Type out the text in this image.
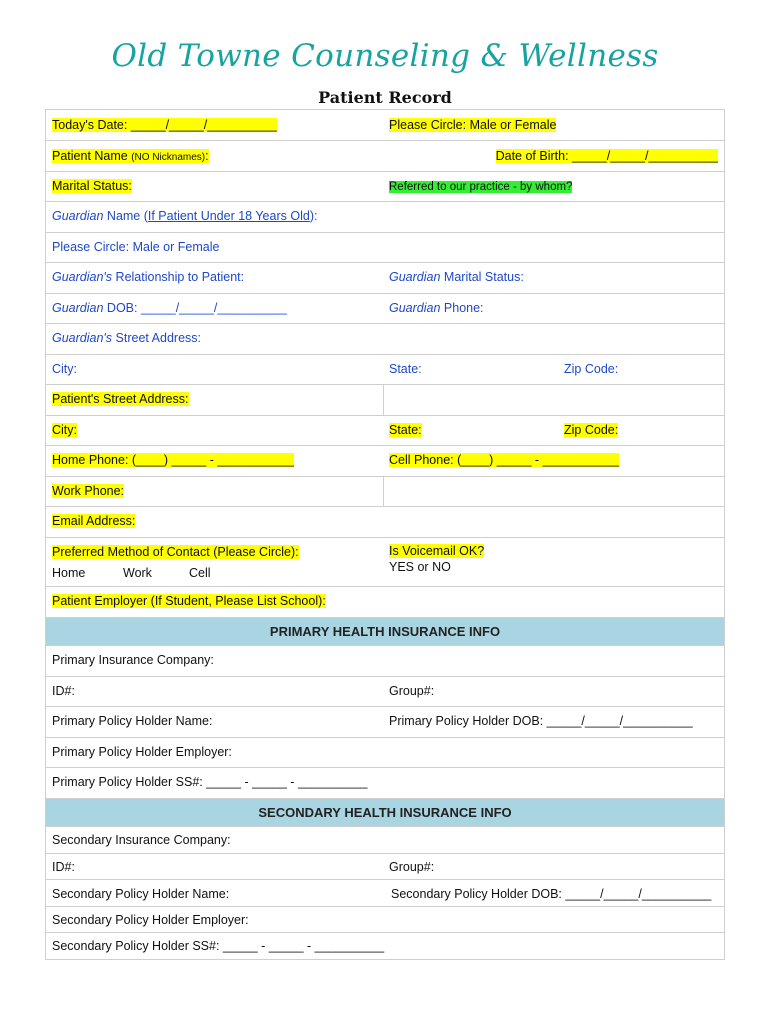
Old Towne Counseling & Wellness
Patient Record
Today's Date: _____/_____/__________	Please Circle: Male or Female
Patient Name (NO Nicknames):	Date of Birth: _____/_____/__________
Marital Status:	Referred to our practice - by whom?
Guardian Name (If Patient Under 18 Years Old):
Please Circle: Male or Female
Guardian's Relationship to Patient:	Guardian Marital Status:
Guardian DOB: _____/_____/__________	Guardian Phone:
Guardian's Street Address:
City:	State:	Zip Code:
Patient's Street Address:
City:	State:	Zip Code:
Home Phone: (____) _____ - ___________	Cell Phone: (____) _____ - ___________
Work Phone:
Email Address:
Preferred Method of Contact (Please Circle):
Home	Work	Cell
Is Voicemail OK?
YES or NO
Patient Employer (If Student, Please List School):
PRIMARY HEALTH INSURANCE INFO
Primary Insurance Company:
ID#:	Group#:
Primary Policy Holder Name:	Primary Policy Holder DOB: _____/_____/__________
Primary Policy Holder Employer:
Primary Policy Holder SS#: _____ - _____ - __________
SECONDARY HEALTH INSURANCE INFO
Secondary Insurance Company:
ID#:	Group#:
Secondary Policy Holder Name:	Secondary Policy Holder DOB: _____/_____/__________
Secondary Policy Holder Employer:
Secondary Policy Holder SS#: _____ - _____ - __________
